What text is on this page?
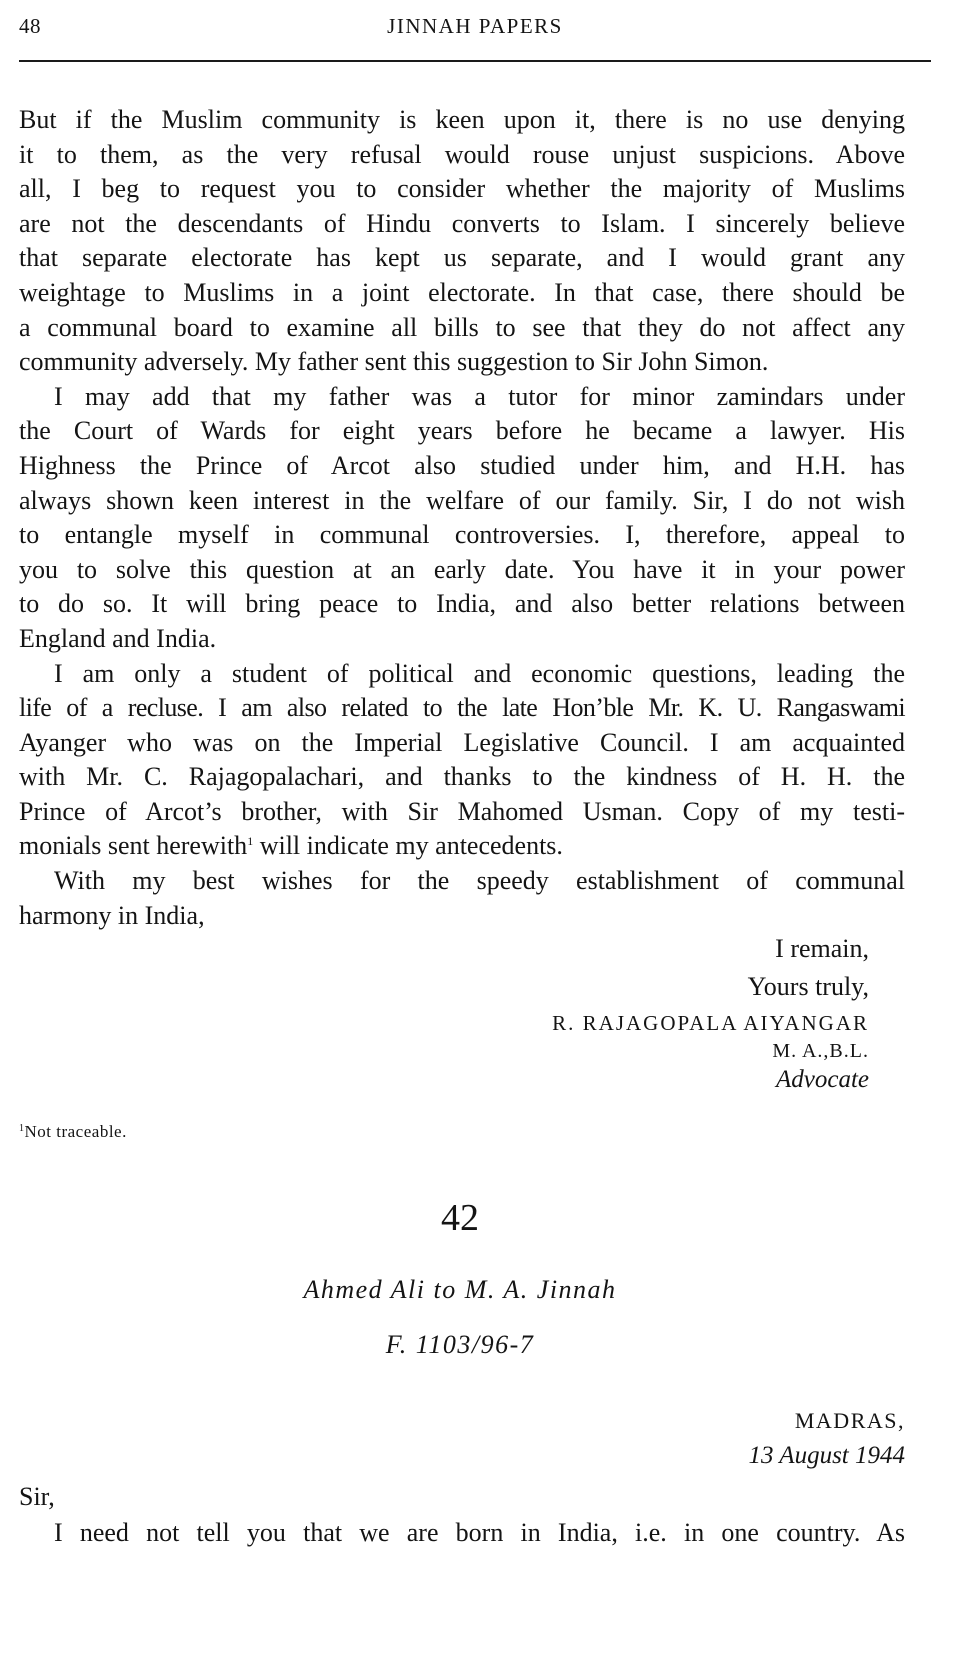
48	JINNAH PAPERS
But if the Muslim community is keen upon it, there is no use denying
it to them, as the very refusal would rouse unjust suspicions. Above
all, I beg to request you to consider whether the majority of Muslims
are not the descendants of Hindu converts to Islam. I sincerely believe
that separate electorate has kept us separate, and I would grant any
weightage to Muslims in a joint electorate. In that case, there should be
a communal board to examine all bills to see that they do not affect any
community adversely. My father sent this suggestion to Sir John Simon.
I may add that my father was a tutor for minor zamindars under
the Court of Wards for eight years before he became a lawyer. His
Highness the Prince of Arcot also studied under him, and H.H. has
always shown keen interest in the welfare of our family. Sir, I do not wish
to entangle myself in communal controversies. I, therefore, appeal to
you to solve this question at an early date. You have it in your power
to do so. It will bring peace to India, and also better relations between
England and India.
I am only a student of political and economic questions, leading the
life of a recluse. I am also related to the late Hon’ble Mr. K. U. Rangaswami
Ayanger who was on the Imperial Legislative Council. I am acquainted
with Mr. C. Rajagopalachari, and thanks to the kindness of H. H. the
Prince of Arcot’s brother, with Sir Mahomed Usman. Copy of my testi-
monials sent herewith$^1$ will indicate my antecedents.
With my best wishes for the speedy establishment of communal
harmony in India,
I remain,
Yours truly,
R. RAJAGOPALA AIYANGAR
M. A.,B.L.
Advocate
$^1$Not traceable.
42
Ahmed Ali to M. A. Jinnah
F. 1103/96-7
MADRAS,
13 August 1944
Sir,
I need not tell you that we are born in India, i.e. in one country. As
